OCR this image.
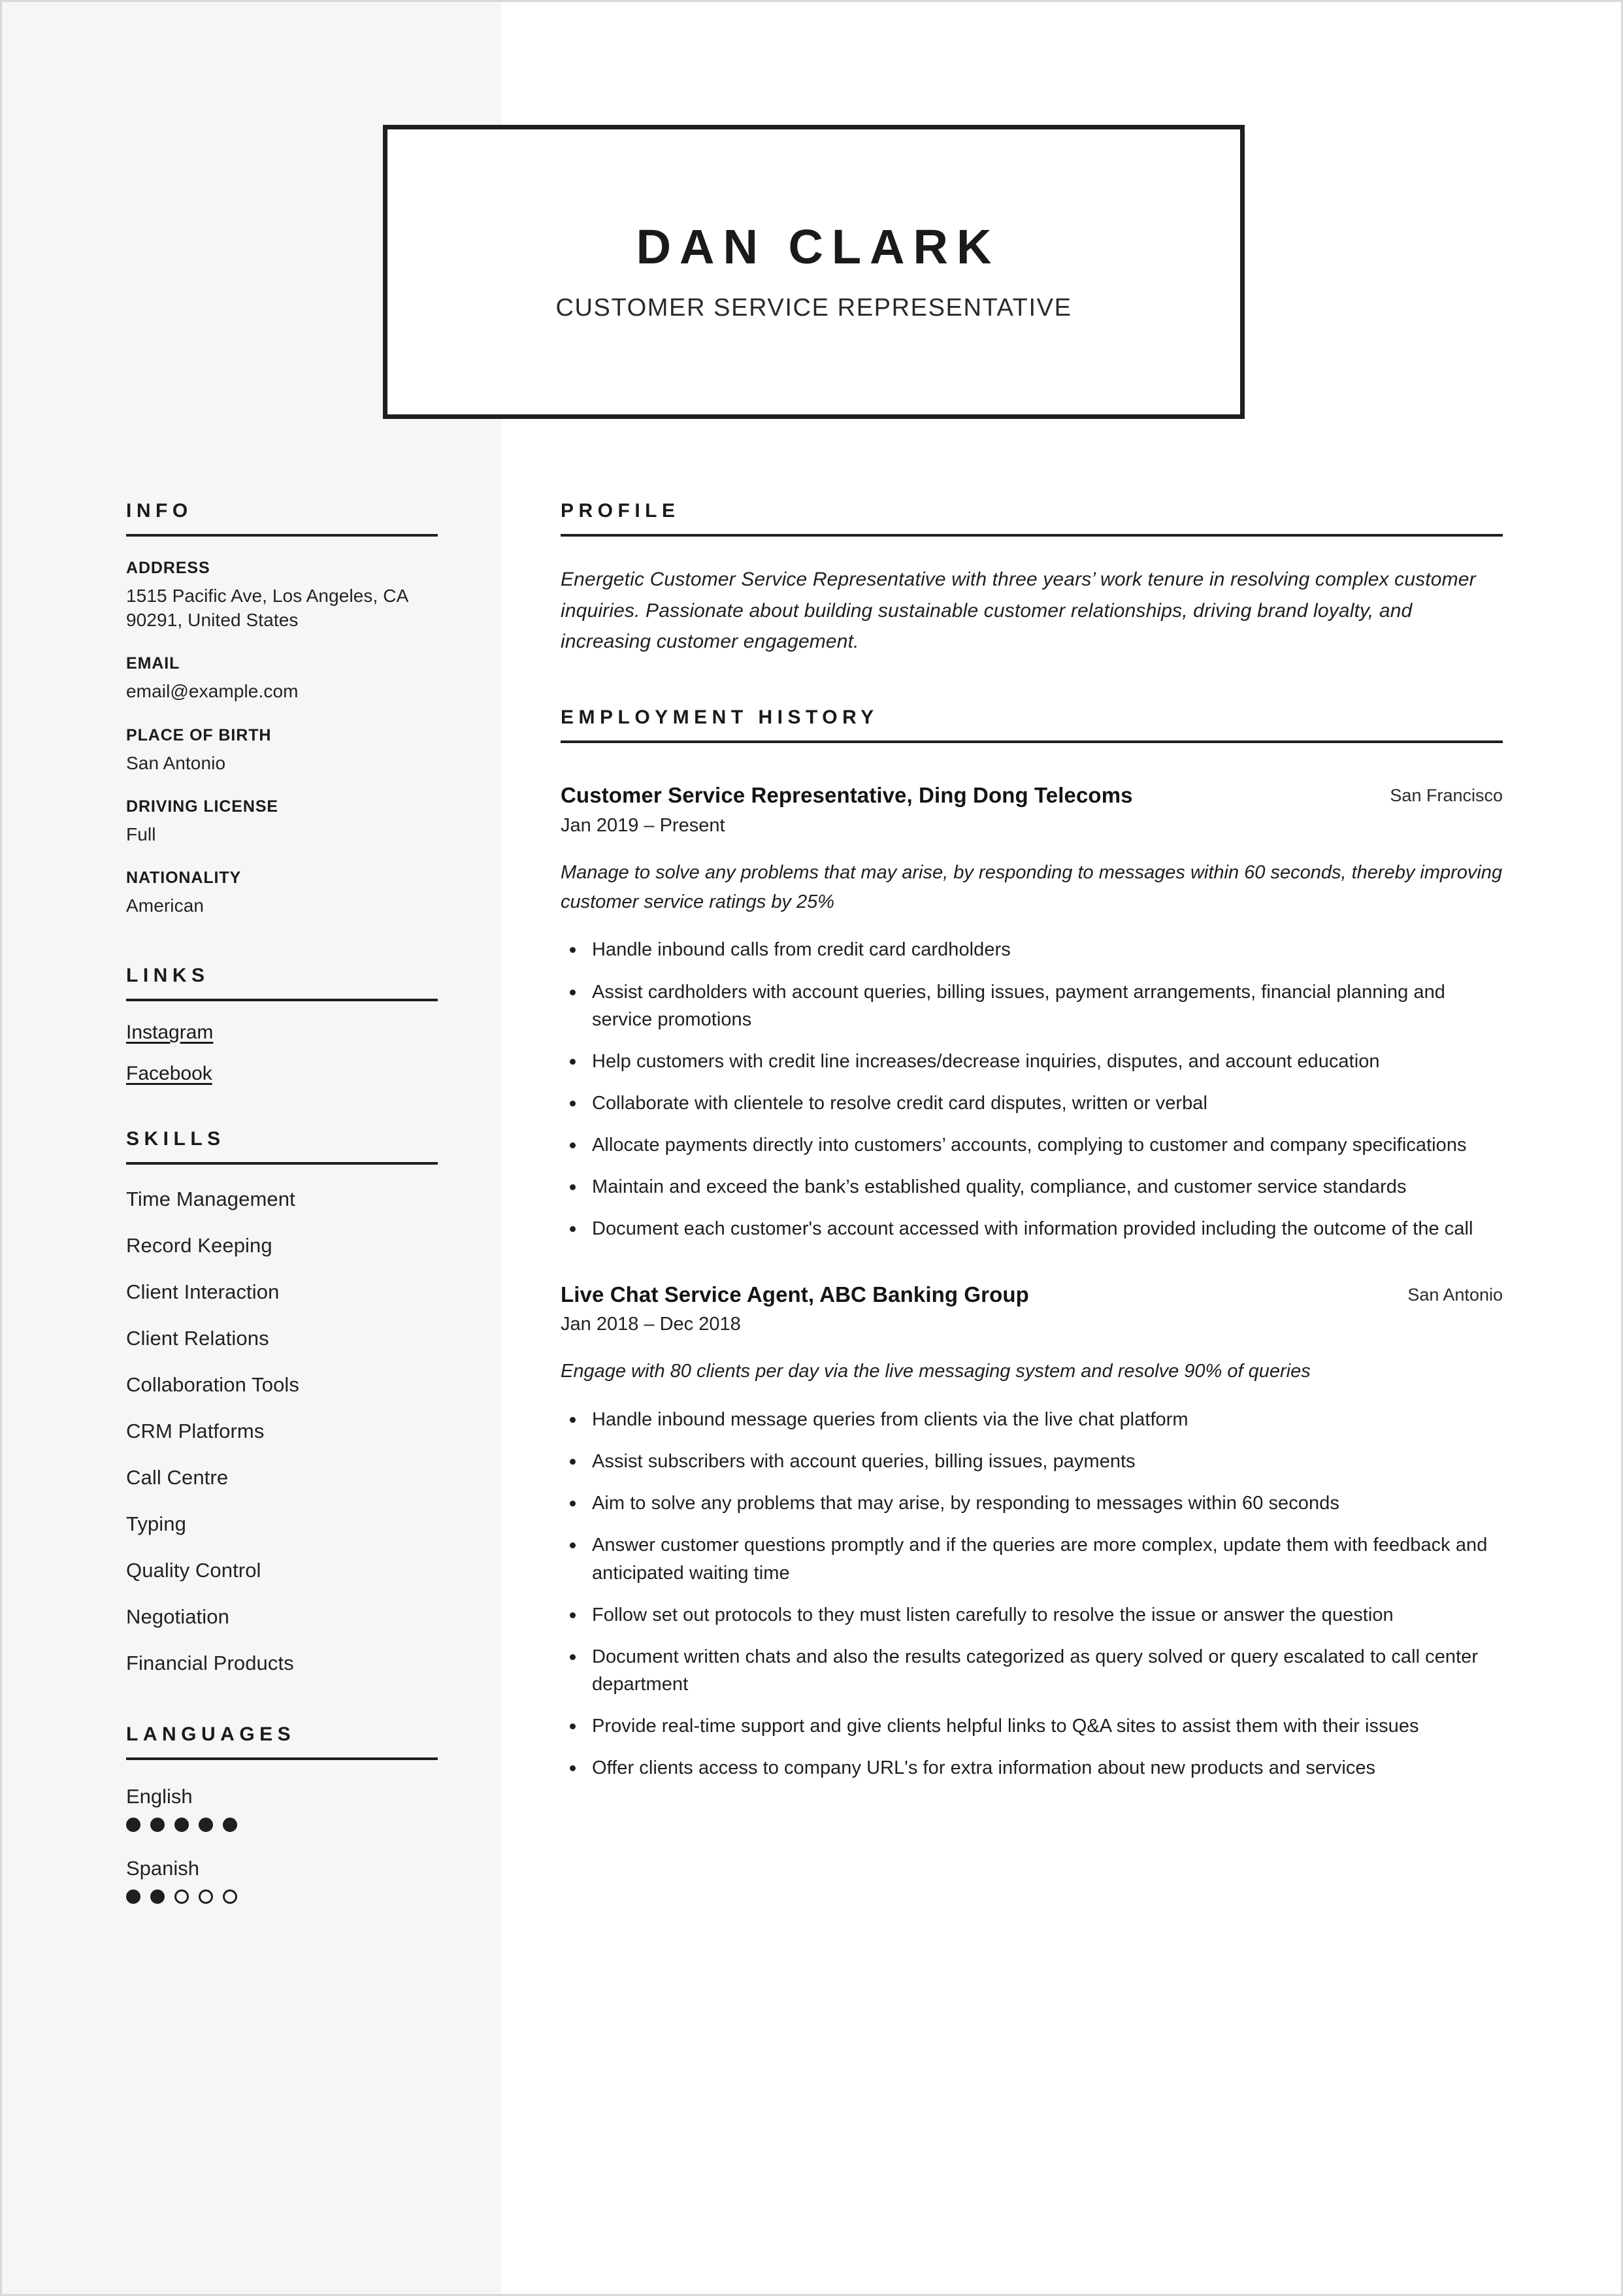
DAN CLARK
CUSTOMER SERVICE REPRESENTATIVE
INFO
ADDRESS
1515 Pacific Ave, Los Angeles, CA 90291, United States
EMAIL
email@example.com
PLACE OF BIRTH
San Antonio
DRIVING LICENSE
Full
NATIONALITY
American
LINKS
Instagram
Facebook
SKILLS
Time Management
Record Keeping
Client Interaction
Client Relations
Collaboration Tools
CRM Platforms
Call Centre
Typing
Quality Control
Negotiation
Financial Products
LANGUAGES
English
Spanish
PROFILE
Energetic Customer Service Representative with three years’ work tenure in resolving complex customer inquiries. Passionate about building sustainable customer relationships, driving brand loyalty, and increasing customer engagement.
EMPLOYMENT HISTORY
Customer Service Representative, Ding Dong Telecoms	San Francisco
Jan 2019 – Present
Manage to solve any problems that may arise, by responding to messages within 60 seconds, thereby improving customer service ratings by 25%
Handle inbound calls from credit card cardholders
Assist cardholders with account queries, billing issues, payment arrangements, financial planning and service promotions
Help customers with credit line increases/decrease inquiries, disputes, and account education
Collaborate with clientele to resolve credit card disputes, written or verbal
Allocate payments directly into customers’ accounts, complying to customer and company specifications
Maintain and exceed the bank’s established quality, compliance, and customer service standards
Document each customer's account accessed with information provided including the outcome of the call
Live Chat Service Agent, ABC Banking Group	San Antonio
Jan 2018 – Dec 2018
Engage with 80 clients per day via the live messaging system and resolve 90% of queries
Handle inbound message queries from clients via the live chat platform
Assist subscribers with account queries, billing issues, payments
Aim to solve any problems that may arise, by responding to messages within 60 seconds
Answer customer questions promptly and if the queries are more complex, update them with feedback and anticipated waiting time
Follow set out protocols to they must listen carefully to resolve the issue or answer the question
Document written chats and also the results categorized as query solved or query escalated to call center department
Provide real-time support and give clients helpful links to Q&A sites to assist them with their issues
Offer clients access to company URL's for extra information about new products and services
